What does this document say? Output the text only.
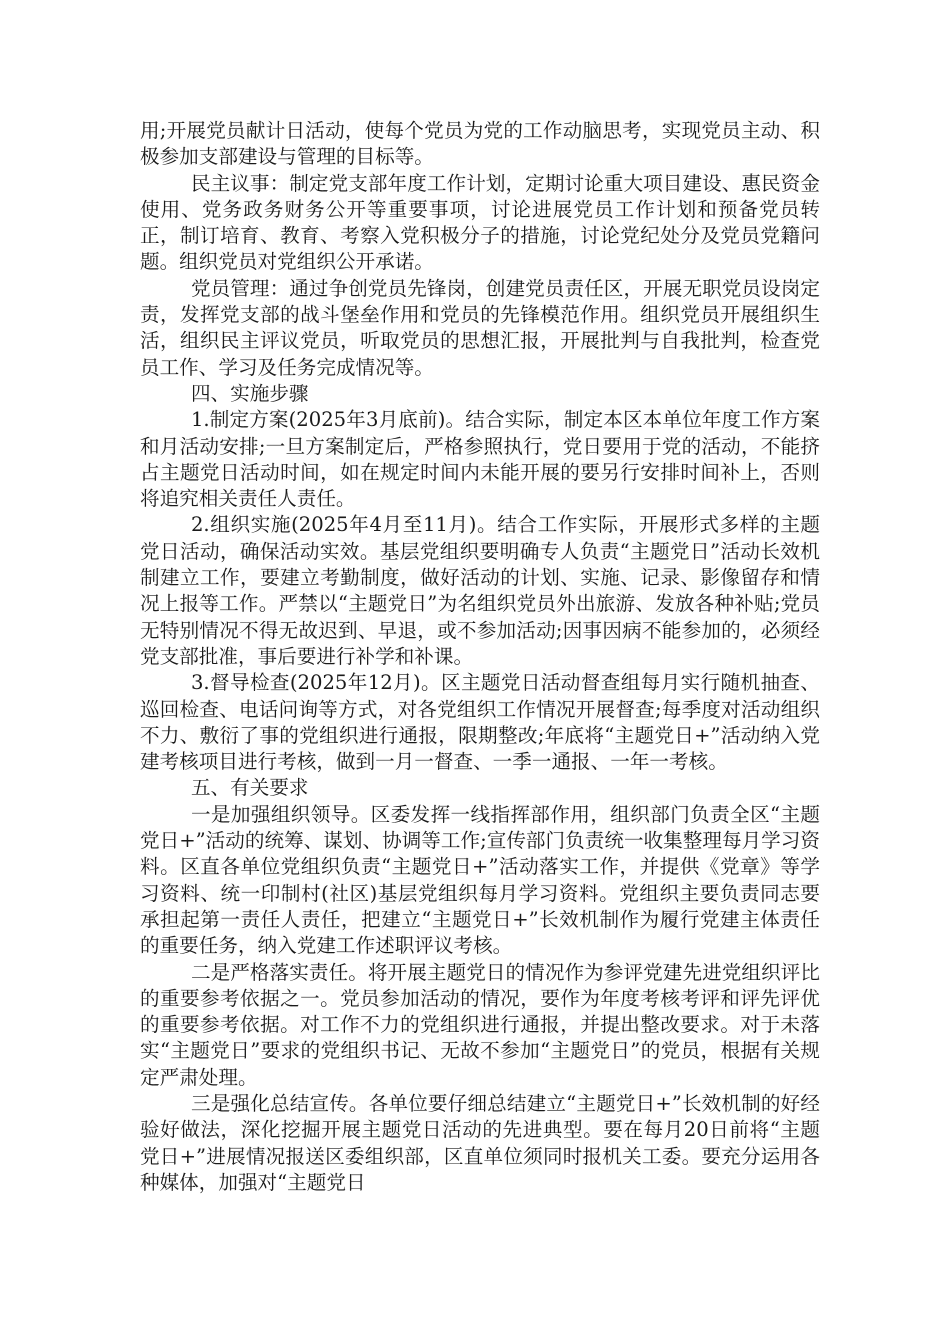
用;开展党员献计日活动，使每个党员为党的工作动脑思考，实现党员主动、积极参加支部建设与管理的目标等。

民主议事：制定党支部年度工作计划，定期讨论重大项目建设、惠民资金使用、党务政务财务公开等重要事项，讨论进展党员工作计划和预备党员转正，制订培育、教育、考察入党积极分子的措施，讨论党纪处分及党员党籍问题。组织党员对党组织公开承诺。

党员管理：通过争创党员先锋岗，创建党员责任区，开展无职党员设岗定责，发挥党支部的战斗堡垒作用和党员的先锋模范作用。组织党员开展组织生活，组织民主评议党员，听取党员的思想汇报，开展批判与自我批判，检查党员工作、学习及任务完成情况等。

四、实施步骤

1.制定方案(2025年3月底前)。结合实际，制定本区本单位年度工作方案和月活动安排;一旦方案制定后，严格参照执行，党日要用于党的活动，不能挤占主题党日活动时间，如在规定时间内未能开展的要另行安排时间补上，否则将追究相关责任人责任。

2.组织实施(2025年4月至11月)。结合工作实际，开展形式多样的主题党日活动，确保活动实效。基层党组织要明确专人负责“主题党日”活动长效机制建立工作，要建立考勤制度，做好活动的计划、实施、记录、影像留存和情况上报等工作。严禁以“主题党日”为名组织党员外出旅游、发放各种补贴;党员无特别情况不得无故迟到、早退，或不参加活动;因事因病不能参加的，必须经党支部批准，事后要进行补学和补课。

3.督导检查(2025年12月)。区主题党日活动督查组每月实行随机抽查、巡回检查、电话问询等方式，对各党组织工作情况开展督查;每季度对活动组织不力、敷衍了事的党组织进行通报，限期整改;年底将“主题党日+”活动纳入党建考核项目进行考核，做到一月一督查、一季一通报、一年一考核。

五、有关要求

一是加强组织领导。区委发挥一线指挥部作用，组织部门负责全区“主题党日+”活动的统筹、谋划、协调等工作;宣传部门负责统一收集整理每月学习资料。区直各单位党组织负责“主题党日+”活动落实工作，并提供《党章》等学习资料、统一印制村(社区)基层党组织每月学习资料。党组织主要负责同志要承担起第一责任人责任，把建立“主题党日+”长效机制作为履行党建主体责任的重要任务，纳入党建工作述职评议考核。

二是严格落实责任。将开展主题党日的情况作为参评党建先进党组织评比的重要参考依据之一。党员参加活动的情况，要作为年度考核考评和评先评优的重要参考依据。对工作不力的党组织进行通报，并提出整改要求。对于未落实“主题党日”要求的党组织书记、无故不参加“主题党日”的党员，根据有关规定严肃处理。

三是强化总结宣传。各单位要仔细总结建立“主题党日+”长效机制的好经验好做法，深化挖掘开展主题党日活动的先进典型。要在每月20日前将“主题党日+”进展情况报送区委组织部，区直单位须同时报机关工委。要充分运用各种媒体，加强对“主题党日
